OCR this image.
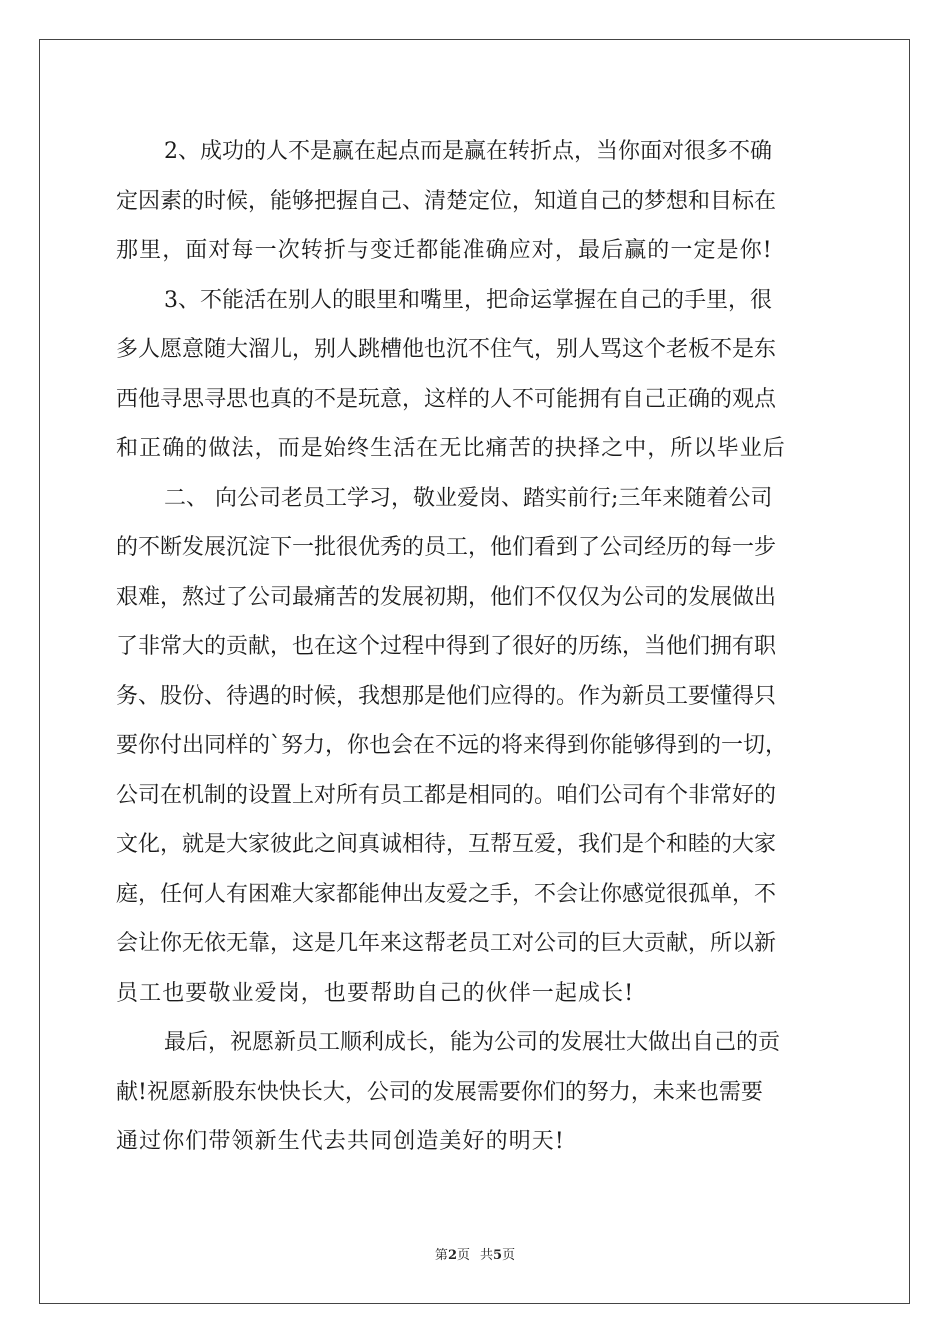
2、成功的人不是赢在起点而是赢在转折点，当你面对很多不确
定因素的时候，能够把握自己、清楚定位，知道自己的梦想和目标在
那里，面对每一次转折与变迁都能准确应对，最后赢的一定是你!
3、不能活在别人的眼里和嘴里，把命运掌握在自己的手里，很
多人愿意随大溜儿，别人跳槽他也沉不住气，别人骂这个老板不是东
西他寻思寻思也真的不是玩意，这样的人不可能拥有自己正确的观点
和正确的做法，而是始终生活在无比痛苦的抉择之中，所以毕业后
二、 向公司老员工学习，敬业爱岗、踏实前行;三年来随着公司
的不断发展沉淀下一批很优秀的员工，他们看到了公司经历的每一步
艰难，熬过了公司最痛苦的发展初期，他们不仅仅为公司的发展做出
了非常大的贡献，也在这个过程中得到了很好的历练，当他们拥有职
务、股份、待遇的时候，我想那是他们应得的。作为新员工要懂得只
要你付出同样的`努力，你也会在不远的将来得到你能够得到的一切，
公司在机制的设置上对所有员工都是相同的。咱们公司有个非常好的
文化，就是大家彼此之间真诚相待，互帮互爱，我们是个和睦的大家
庭，任何人有困难大家都能伸出友爱之手，不会让你感觉很孤单，不
会让你无依无靠，这是几年来这帮老员工对公司的巨大贡献，所以新
员工也要敬业爱岗，也要帮助自己的伙伴一起成长!
最后，祝愿新员工顺利成长，能为公司的发展壮大做出自己的贡
献!祝愿新股东快快长大，公司的发展需要你们的努力，未来也需要
通过你们带领新生代去共同创造美好的明天!
第2页 共5页
